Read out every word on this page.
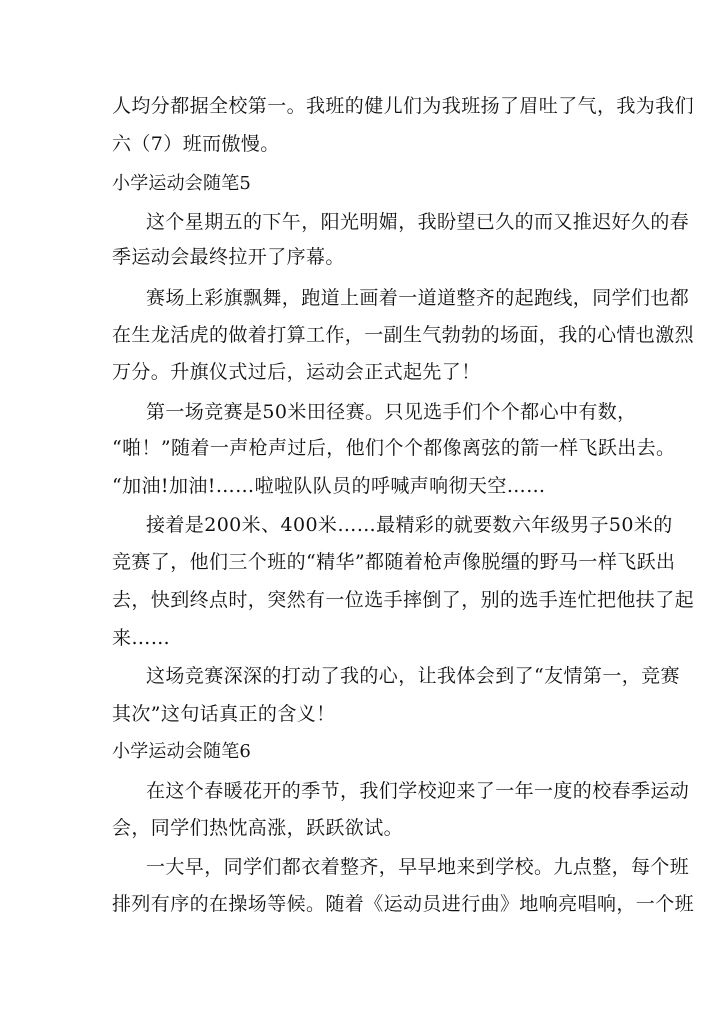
人均分都据全校第一。我班的健儿们为我班扬了眉吐了气，我为我们
六（7）班而傲慢。
小学运动会随笔5
这个星期五的下午，阳光明媚，我盼望已久的而又推迟好久的春
季运动会最终拉开了序幕。
赛场上彩旗飘舞，跑道上画着一道道整齐的起跑线，同学们也都
在生龙活虎的做着打算工作，一副生气勃勃的场面，我的心情也激烈
万分。升旗仪式过后，运动会正式起先了！
第一场竞赛是50米田径赛。只见选手们个个都心中有数，
“啪！”随着一声枪声过后，他们个个都像离弦的箭一样飞跃出去。
“加油!加油!……啦啦队队员的呼喊声响彻天空……
接着是200米、400米……最精彩的就要数六年级男子50米的
竞赛了，他们三个班的“精华”都随着枪声像脱缰的野马一样飞跃出
去，快到终点时，突然有一位选手摔倒了，别的选手连忙把他扶了起
来……
这场竞赛深深的打动了我的心，让我体会到了“友情第一，竞赛
其次”这句话真正的含义！
小学运动会随笔6
在这个春暖花开的季节，我们学校迎来了一年一度的校春季运动
会，同学们热忱高涨，跃跃欲试。
一大早，同学们都衣着整齐，早早地来到学校。九点整，每个班
排列有序的在操场等候。随着《运动员进行曲》地响亮唱响，一个班
